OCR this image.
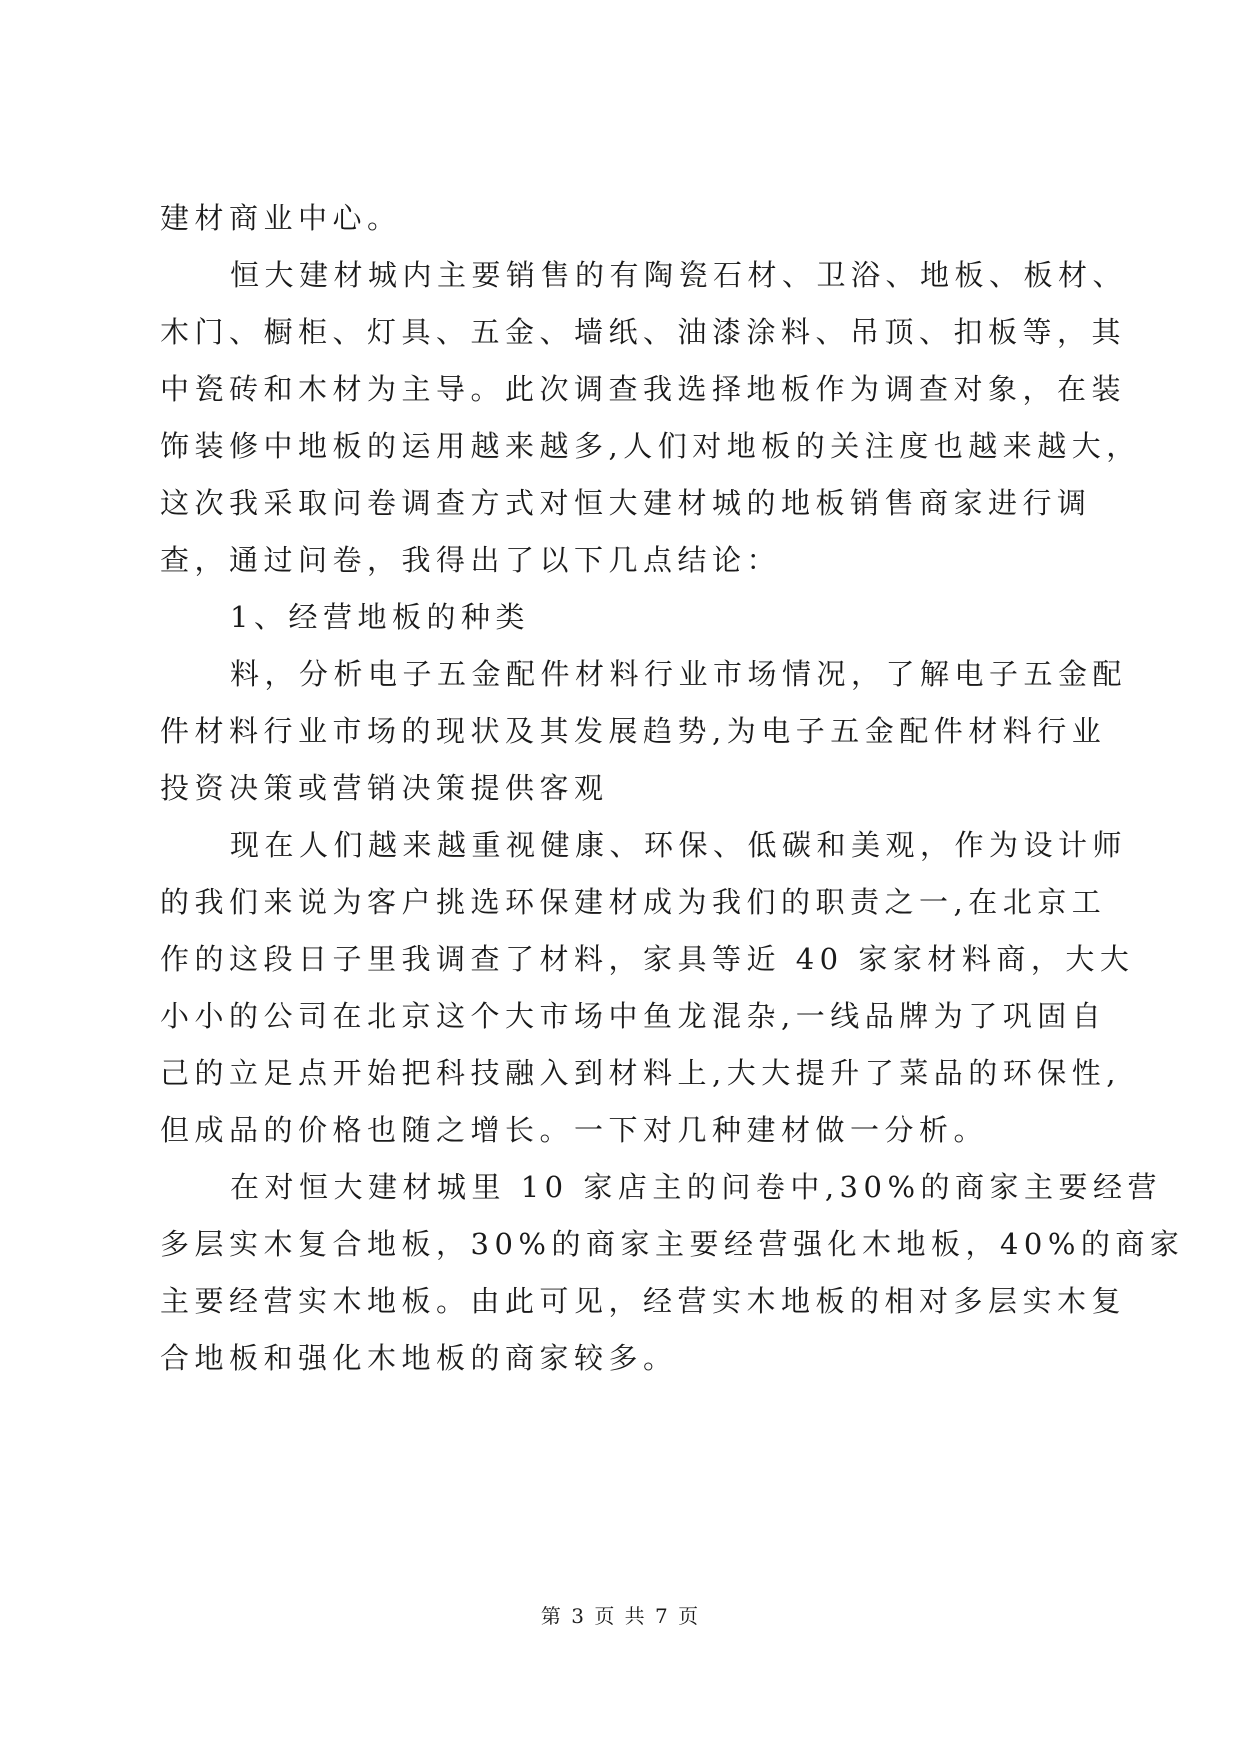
建材商业中心。
恒大建材城内主要销售的有陶瓷石材、卫浴、地板、板材、
木门、橱柜、灯具、五金、墙纸、油漆涂料、吊顶、扣板等，其
中瓷砖和木材为主导。此次调查我选择地板作为调查对象，在装
饰装修中地板的运用越来越多,人们对地板的关注度也越来越大，
这次我采取问卷调查方式对恒大建材城的地板销售商家进行调
查，通过问卷，我得出了以下几点结论：
1、经营地板的种类
料，分析电子五金配件材料行业市场情况，了解电子五金配
件材料行业市场的现状及其发展趋势,为电子五金配件材料行业
投资决策或营销决策提供客观
现在人们越来越重视健康、环保、低碳和美观，作为设计师
的我们来说为客户挑选环保建材成为我们的职责之一,在北京工
作的这段日子里我调查了材料，家具等近 40 家家材料商，大大
小小的公司在北京这个大市场中鱼龙混杂,一线品牌为了巩固自
己的立足点开始把科技融入到材料上,大大提升了菜品的环保性,
但成品的价格也随之增长。一下对几种建材做一分析。
在对恒大建材城里 10 家店主的问卷中,30%的商家主要经营
多层实木复合地板，30%的商家主要经营强化木地板，40%的商家
主要经营实木地板。由此可见，经营实木地板的相对多层实木复
合地板和强化木地板的商家较多。
第 3 页 共 7 页
